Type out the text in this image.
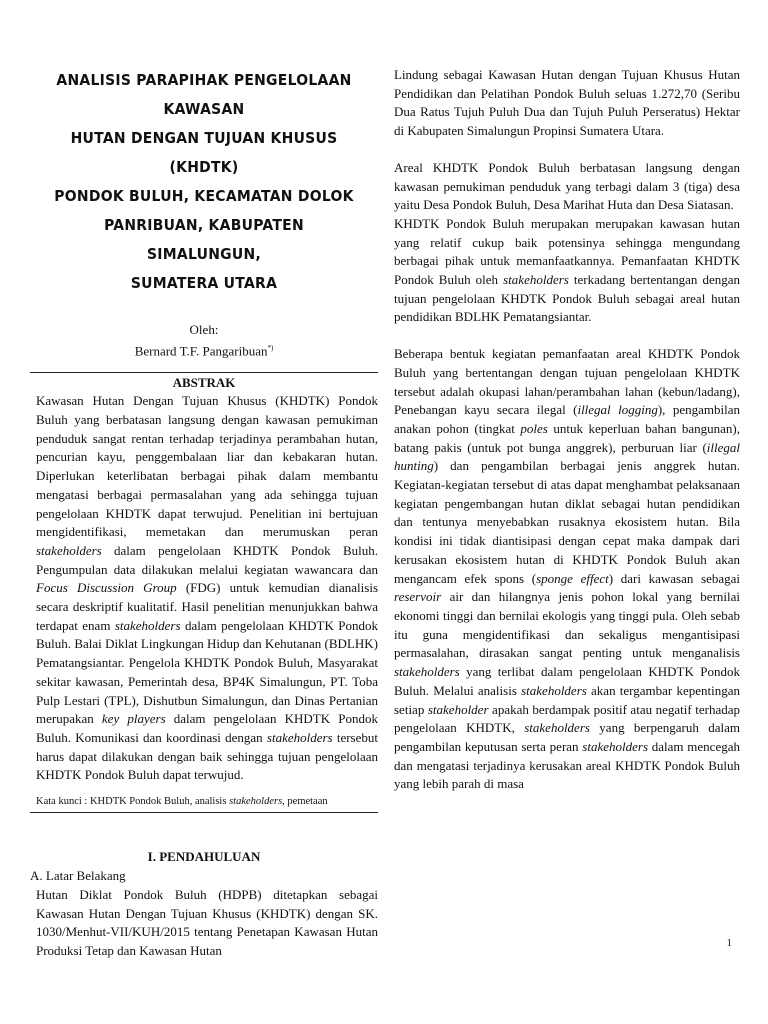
ANALISIS PARAPIHAK PENGELOLAAN KAWASAN
HUTAN DENGAN TUJUAN KHUSUS (KHDTK)
PONDOK BULUH, KECAMATAN DOLOK
PANRIBUAN, KABUPATEN SIMALUNGUN,
SUMATERA UTARA
Oleh:
Bernard T.F. Pangaribuan*)
ABSTRAK
Kawasan Hutan Dengan Tujuan Khusus (KHDTK) Pondok Buluh yang berbatasan langsung dengan kawasan pemukiman penduduk sangat rentan terhadap terjadinya perambahan hutan, pencurian kayu, penggembalaan liar dan kebakaran hutan. Diperlukan keterlibatan berbagai pihak dalam membantu mengatasi berbagai permasalahan yang ada sehingga tujuan pengelolaan KHDTK dapat terwujud. Penelitian ini bertujuan mengidentifikasi, memetakan dan merumuskan peran stakeholders dalam pengelolaan KHDTK Pondok Buluh. Pengumpulan data dilakukan melalui kegiatan wawancara dan Focus Discussion Group (FDG) untuk kemudian dianalisis secara deskriptif kualitatif. Hasil penelitian menunjukkan bahwa terdapat enam stakeholders dalam pengelolaan KHDTK Pondok Buluh. Balai Diklat Lingkungan Hidup dan Kehutanan (BDLHK) Pematangsiantar. Pengelola KHDTK Pondok Buluh, Masyarakat sekitar kawasan, Pemerintah desa, BP4K Simalungun, PT. Toba Pulp Lestari (TPL), Dishutbun Simalungun, dan Dinas Pertanian merupakan key players dalam pengelolaan KHDTK Pondok Buluh. Komunikasi dan koordinasi dengan stakeholders tersebut harus dapat dilakukan dengan baik sehingga tujuan pengelolaan KHDTK Pondok Buluh dapat terwujud.
Kata kunci : KHDTK Pondok Buluh, analisis stakeholders, pemetaan
I. PENDAHULUAN
A. Latar Belakang
Hutan Diklat Pondok Buluh (HDPB) ditetapkan sebagai Kawasan Hutan Dengan Tujuan Khusus (KHDTK) dengan SK. 1030/Menhut-VII/KUH/2015 tentang Penetapan Kawasan Hutan Produksi Tetap dan Kawasan Hutan

Lindung sebagai Kawasan Hutan dengan Tujuan Khusus Hutan Pendidikan dan Pelatihan Pondok Buluh seluas 1.272,70 (Seribu Dua Ratus Tujuh Puluh Dua dan Tujuh Puluh Perseratus) Hektar di Kabupaten Simalungun Propinsi Sumatera Utara.

Areal KHDTK Pondok Buluh berbatasan langsung dengan kawasan pemukiman penduduk yang terbagi dalam 3 (tiga) desa yaitu Desa Pondok Buluh, Desa Marihat Huta dan Desa Siatasan.

KHDTK Pondok Buluh merupakan merupakan kawasan hutan yang relatif cukup baik potensinya sehingga mengundang berbagai pihak untuk memanfaatkannya. Pemanfaatan KHDTK Pondok Buluh oleh stakeholders terkadang bertentangan dengan tujuan pengelolaan KHDTK Pondok Buluh sebagai areal hutan pendidikan BDLHK Pematangsiantar.

Beberapa bentuk kegiatan pemanfaatan areal KHDTK Pondok Buluh yang bertentangan dengan tujuan pengelolaan KHDTK tersebut adalah okupasi lahan/perambahan lahan (kebun/ladang), Penebangan kayu secara ilegal (illegal logging), pengambilan anakan pohon (tingkat poles untuk keperluan bahan bangunan), batang pakis (untuk pot bunga anggrek), perburuan liar (illegal hunting) dan pengambilan berbagai jenis anggrek hutan. Kegiatan-kegiatan tersebut di atas dapat menghambat pelaksanaan kegiatan pengembangan hutan diklat sebagai hutan pendidikan dan tentunya menyebabkan rusaknya ekosistem hutan. Bila kondisi ini tidak diantisipasi dengan cepat maka dampak dari kerusakan ekosistem hutan di KHDTK Pondok Buluh akan mengancam efek spons (sponge effect) dari kawasan sebagai reservoir air dan hilangnya jenis pohon lokal yang bernilai ekonomi tinggi dan bernilai ekologis yang tinggi pula. Oleh sebab itu guna mengidentifikasi dan sekaligus mengantisipasi permasalahan, dirasakan sangat penting untuk menganalisis stakeholders yang terlibat dalam pengelolaan KHDTK Pondok Buluh. Melalui analisis stakeholders akan tergambar kepentingan setiap stakeholder apakah berdampak positif atau negatif terhadap pengelolaan KHDTK, stakeholders yang berpengaruh dalam pengambilan keputusan serta peran stakeholders dalam mencegah dan mengatasi terjadinya kerusakan areal KHDTK Pondok Buluh yang lebih parah di masa

1
